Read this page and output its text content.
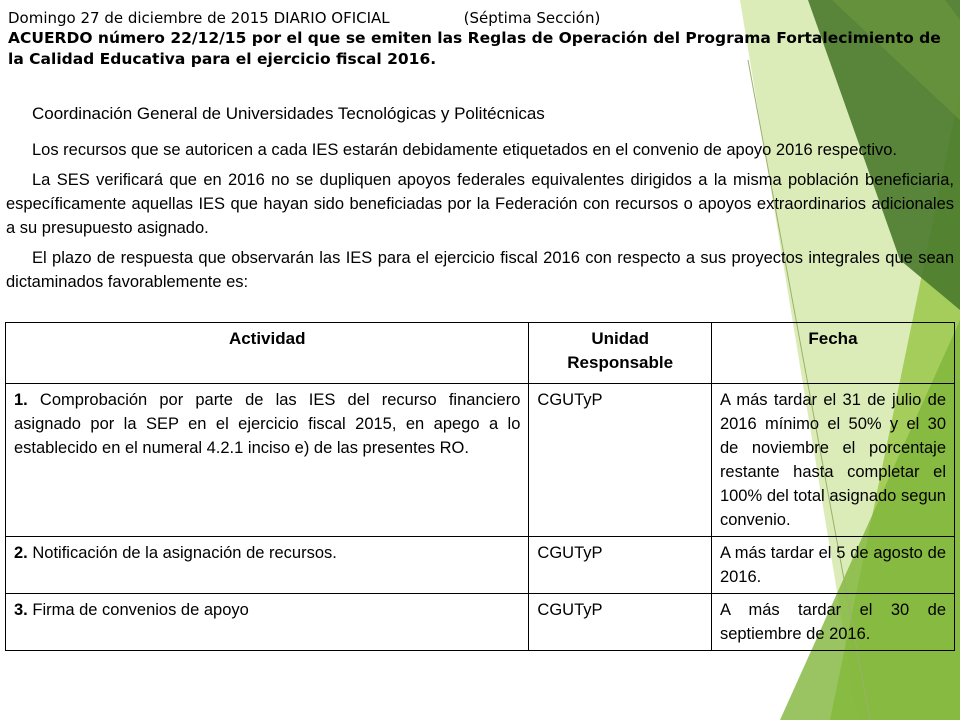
Domingo 27 de diciembre de 2015 DIARIO OFICIAL	(Séptima Sección)
ACUERDO número 22/12/15 por el que se emiten las Reglas de Operación del Programa Fortalecimiento de la Calidad Educativa para el ejercicio fiscal 2016.

Coordinación General de Universidades Tecnológicas y Politécnicas

Los recursos que se autoricen a cada IES estarán debidamente etiquetados en el convenio de apoyo 2016 respectivo.

La SES verificará que en 2016 no se dupliquen apoyos federales equivalentes dirigidos a la misma población beneficiaria, específicamente aquellas IES que hayan sido beneficiadas por la Federación con recursos o apoyos extraordinarios adicionales a su presupuesto asignado.

El plazo de respuesta que observarán las IES para el ejercicio fiscal 2016 con respecto a sus proyectos integrales que sean dictaminados favorablemente es:

Actividad	Unidad Responsable	Fecha
1. Comprobación por parte de las IES del recurso financiero asignado por la SEP en el ejercicio fiscal 2015, en apego a lo establecido en el numeral 4.2.1 inciso e) de las presentes RO.	CGUTyP	A más tardar el 31 de julio de 2016 mínimo el 50% y el 30 de noviembre el porcentaje restante hasta completar el 100% del total asignado segun convenio.
2. Notificación de la asignación de recursos.	CGUTyP	A más tardar el 5 de agosto de 2016.
3. Firma de convenios de apoyo	CGUTyP	A más tardar el 30 de septiembre de 2016.
